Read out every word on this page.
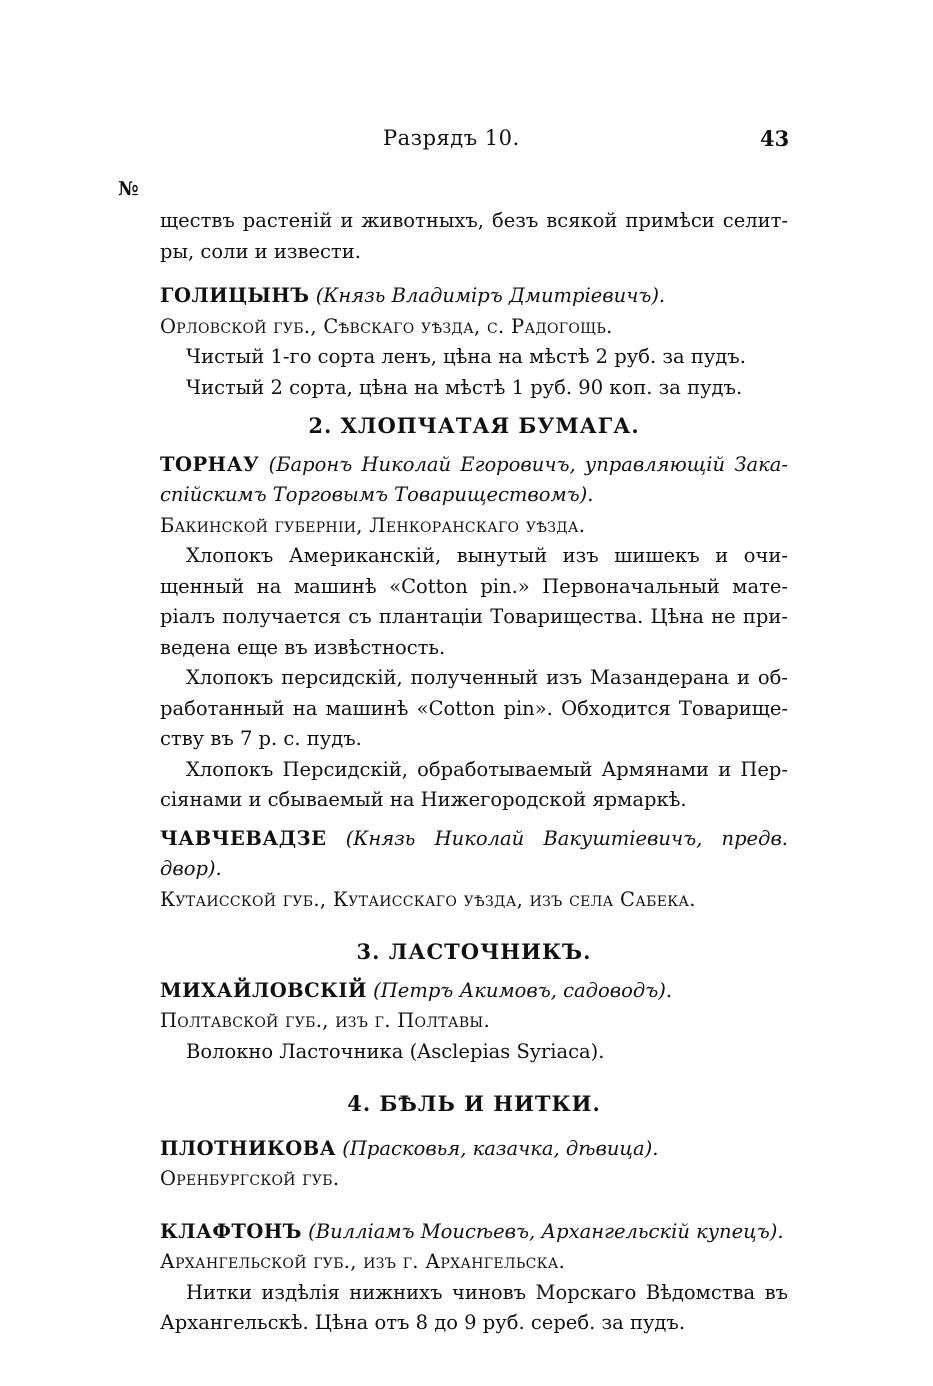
Разрядъ 10.	43
№

ществъ растеній и животныхъ, безъ всякой примѣси селит-

ры, соли и извести.

ГОЛИЦЫНЪ (Князь Владиміръ Дмитріевичъ).

Орловской губ., Сѣвскаго уѣзда, с. Радогощь.

Чистый 1-го сорта ленъ, цѣна на мѣстѣ 2 руб. за пудъ.

Чистый 2 сорта, цѣна на мѣстѣ 1 руб. 90 коп. за пудъ.

2. ХЛОПЧАТАЯ БУМАГА.

ТОРНАУ (Баронъ Николай Егоровичъ, управляющій Зака-

спійскимъ Торговымъ Товариществомъ).

Бакинской губерніи, Ленкоранскаго уѣзда.

Хлопокъ Американскій, вынутый изъ шишекъ и очи-

щенный на машинѣ «Cotton pin.» Первоначальный мате-

ріалъ получается съ плантаціи Товарищества. Цѣна не при-

ведена еще въ извѣстность.

Хлопокъ персидскій, полученный изъ Мазандерана и об-

работанный на машинѣ «Cotton pin». Обходится Товарище-

ству въ 7 р. с. пудъ.

Хлопокъ Персидскій, обработываемый Армянами и Пер-

сіянами и сбываемый на Нижегородской ярмаркѣ.

ЧАВЧЕВАДЗЕ (Князь Николай Вакуштіевичъ, предв. двор).

Кутаисской губ., Кутаисскаго уѣзда, изъ села Сабека.

3. ЛАСТОЧНИКЪ.

МИХАЙЛОВСКІЙ (Петръ Акимовъ, садоводъ).

Полтавской губ., изъ г. Полтавы.

Волокно Ласточника (Asclepias Syriaca).

4. БѢЛЬ И НИТКИ.

ПЛОТНИКОВА (Прасковья, казачка, дѣвица).

Оренбургской губ.

КЛАФТОНЪ (Вилліамъ Моисѣевъ, Архангельскій купецъ).

Архангельской губ., изъ г. Архангельска.

Нитки издѣлія нижнихъ чиновъ Морскаго Вѣдомства въ

Архангельскѣ. Цѣна отъ 8 до 9 руб. сереб. за пудъ.
